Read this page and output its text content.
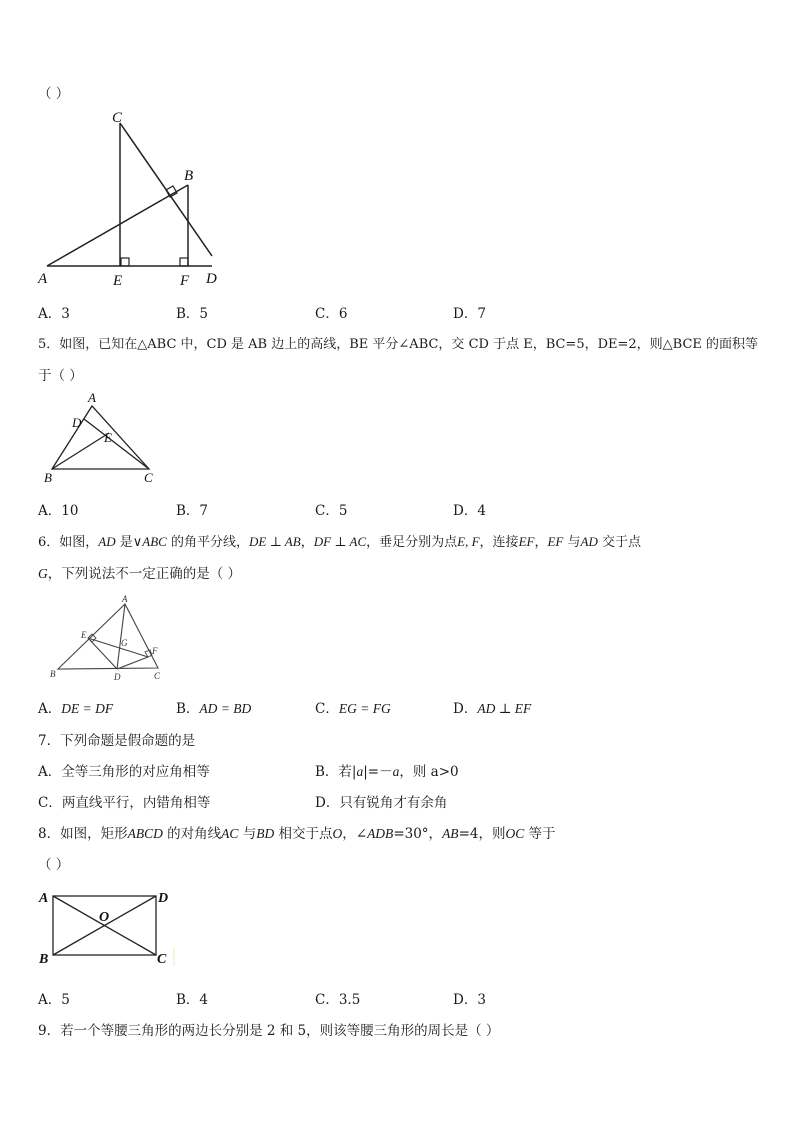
（ ）
C
B
A	E	F D
A．3	B．5	C．6	D．7
5．如图，已知在△ABC 中，CD 是 AB 边上的高线，BE 平分∠ABC，交 CD 于点 E，BC=5，DE=2，则△BCE 的面积等
于（ ）
A
D
E
B	C
A．10	B．7	C．5	D．4
6．如图，AD 是∨ABC 的角平分线，DE ⊥ AB，DF ⊥ AC，垂足分别为点E, F，连接EF，EF 与AD 交于点
G，下列说法不一定正确的是（ ）
A
E
G
F
B	D	C
A．DE = DF	B．AD = BD	C．EG = FG	D．AD ⊥ EF
7．下列命题是假命题的是
A．全等三角形的对应角相等	B．若|a|=－a，则 a>0
C．两直线平行，内错角相等	D．只有锐角才有余角
8．如图，矩形ABCD 的对角线AC 与BD 相交于点O，∠ADB=30°，AB=4，则OC 等于
（ ）
A	D
O
B	C
A．5	B．4	C．3.5	D．3
9．若一个等腰三角形的两边长分别是 2 和 5，则该等腰三角形的周长是（ ）
